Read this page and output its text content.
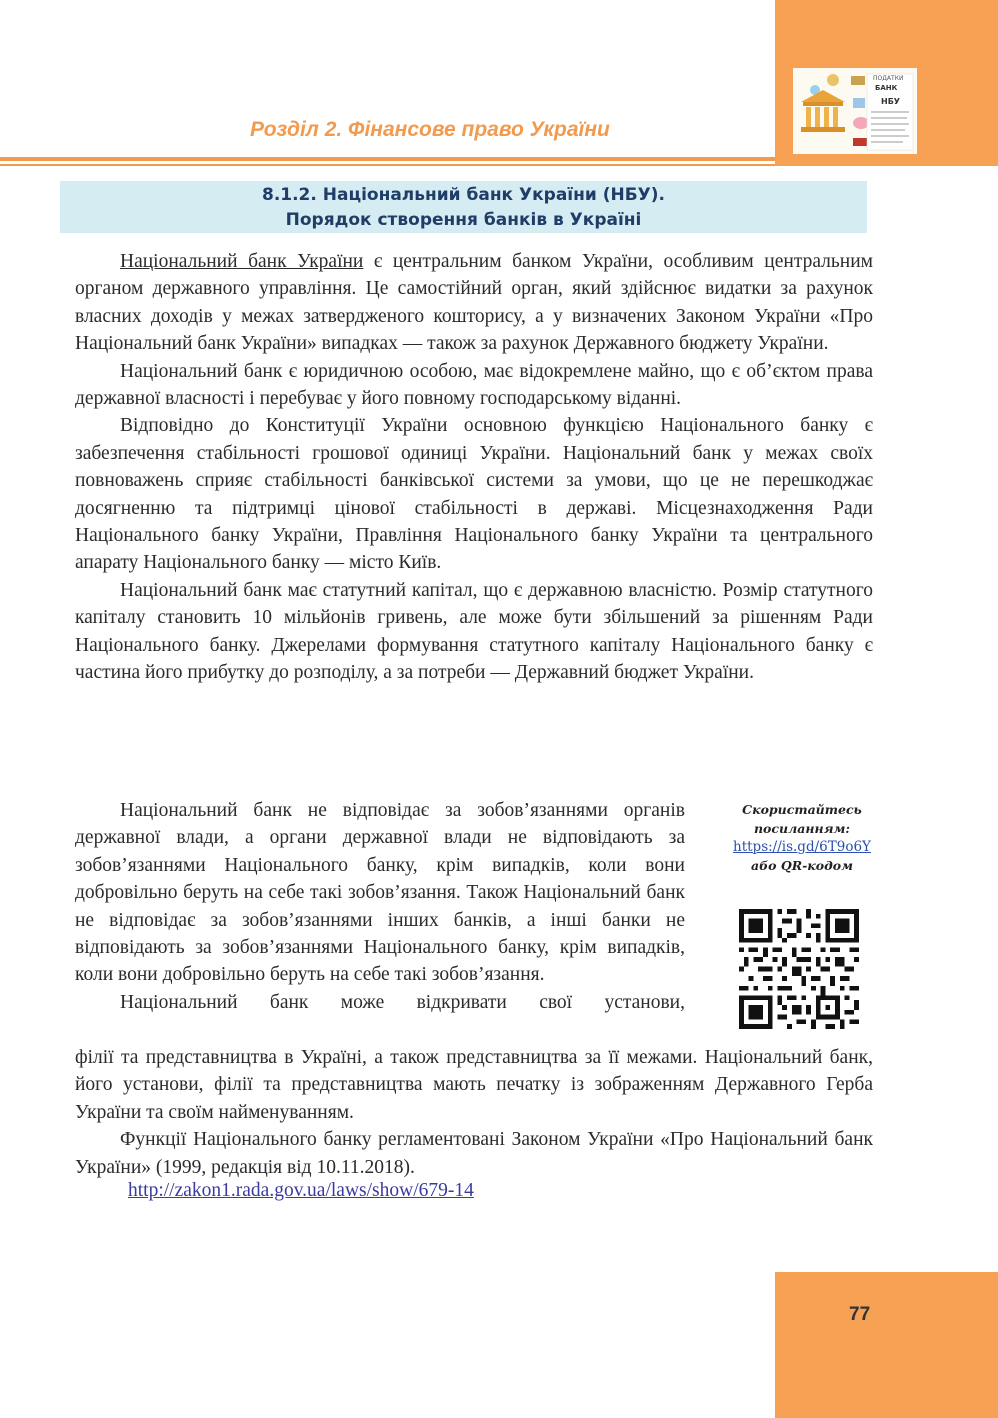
Розділ 2. Фінансове право України
БАНК
ПОДАТКИ
НБУ
8.1.2. Національний банк України (НБУ).
Порядок створення банків в Україні

Національний банк України є центральним банком України, особливим центральним органом державного управління. Це самостійний орган, який здійснює видатки за рахунок власних доходів у межах затвердженого кошторису, а у визначених Законом України «Про Національний банк України» випадках — також за рахунок Державного бюджету України.

Національний банк є юридичною особою, має відокремлене майно, що є об’єктом права державної власності і перебуває у його повному господарському віданні.

Відповідно до Конституції України основною функцією Національного банку є забезпечення стабільності грошової одиниці України. Національний банк у межах своїх повноважень сприяє стабільності банківської системи за умови, що це не перешкоджає досягненню та підтримці цінової стабільності в державі. Місцезнаходження Ради Національного банку України, Правління Національного банку України та центрального апарату Національного банку — місто Київ.

Національний банк має статутний капітал, що є державною власністю. Розмір статутного капіталу становить 10 мільйонів гривень, але може бути збільшений за рішенням Ради Національного банку. Джерелами формування статутного капіталу Національного банку є частина його прибутку до розподілу, а за потреби — Державний бюджет України.

Національний банк не відповідає за зобов’язаннями органів державної влади, а органи державної влади не відповідають за зобов’язаннями Національного банку, крім випадків, коли вони добровільно беруть на себе такі зобов’язання. Також Національний банк не відповідає за зобов’язаннями інших банків, а інші банки не відповідають за зобов’язаннями Національного банку, крім випадків, коли вони добровільно беруть на себе такі зобов’язання.

Національний банк може відкривати свої установи,

філії та представництва в Україні, а також представництва за її межами. Національний банк, його установи, філії та представництва мають печатку із зображенням Державного Герба України та своїм найменуванням.

Функції Національного банку регламентовані Законом України «Про Національний банк України» (1999, редакція від 10.11.2018).

http://zakon1.rada.gov.ua/laws/show/679-14
Скористайтесь
посиланням:
https://is.gd/6T9o6Y
або QR-кодом
77
